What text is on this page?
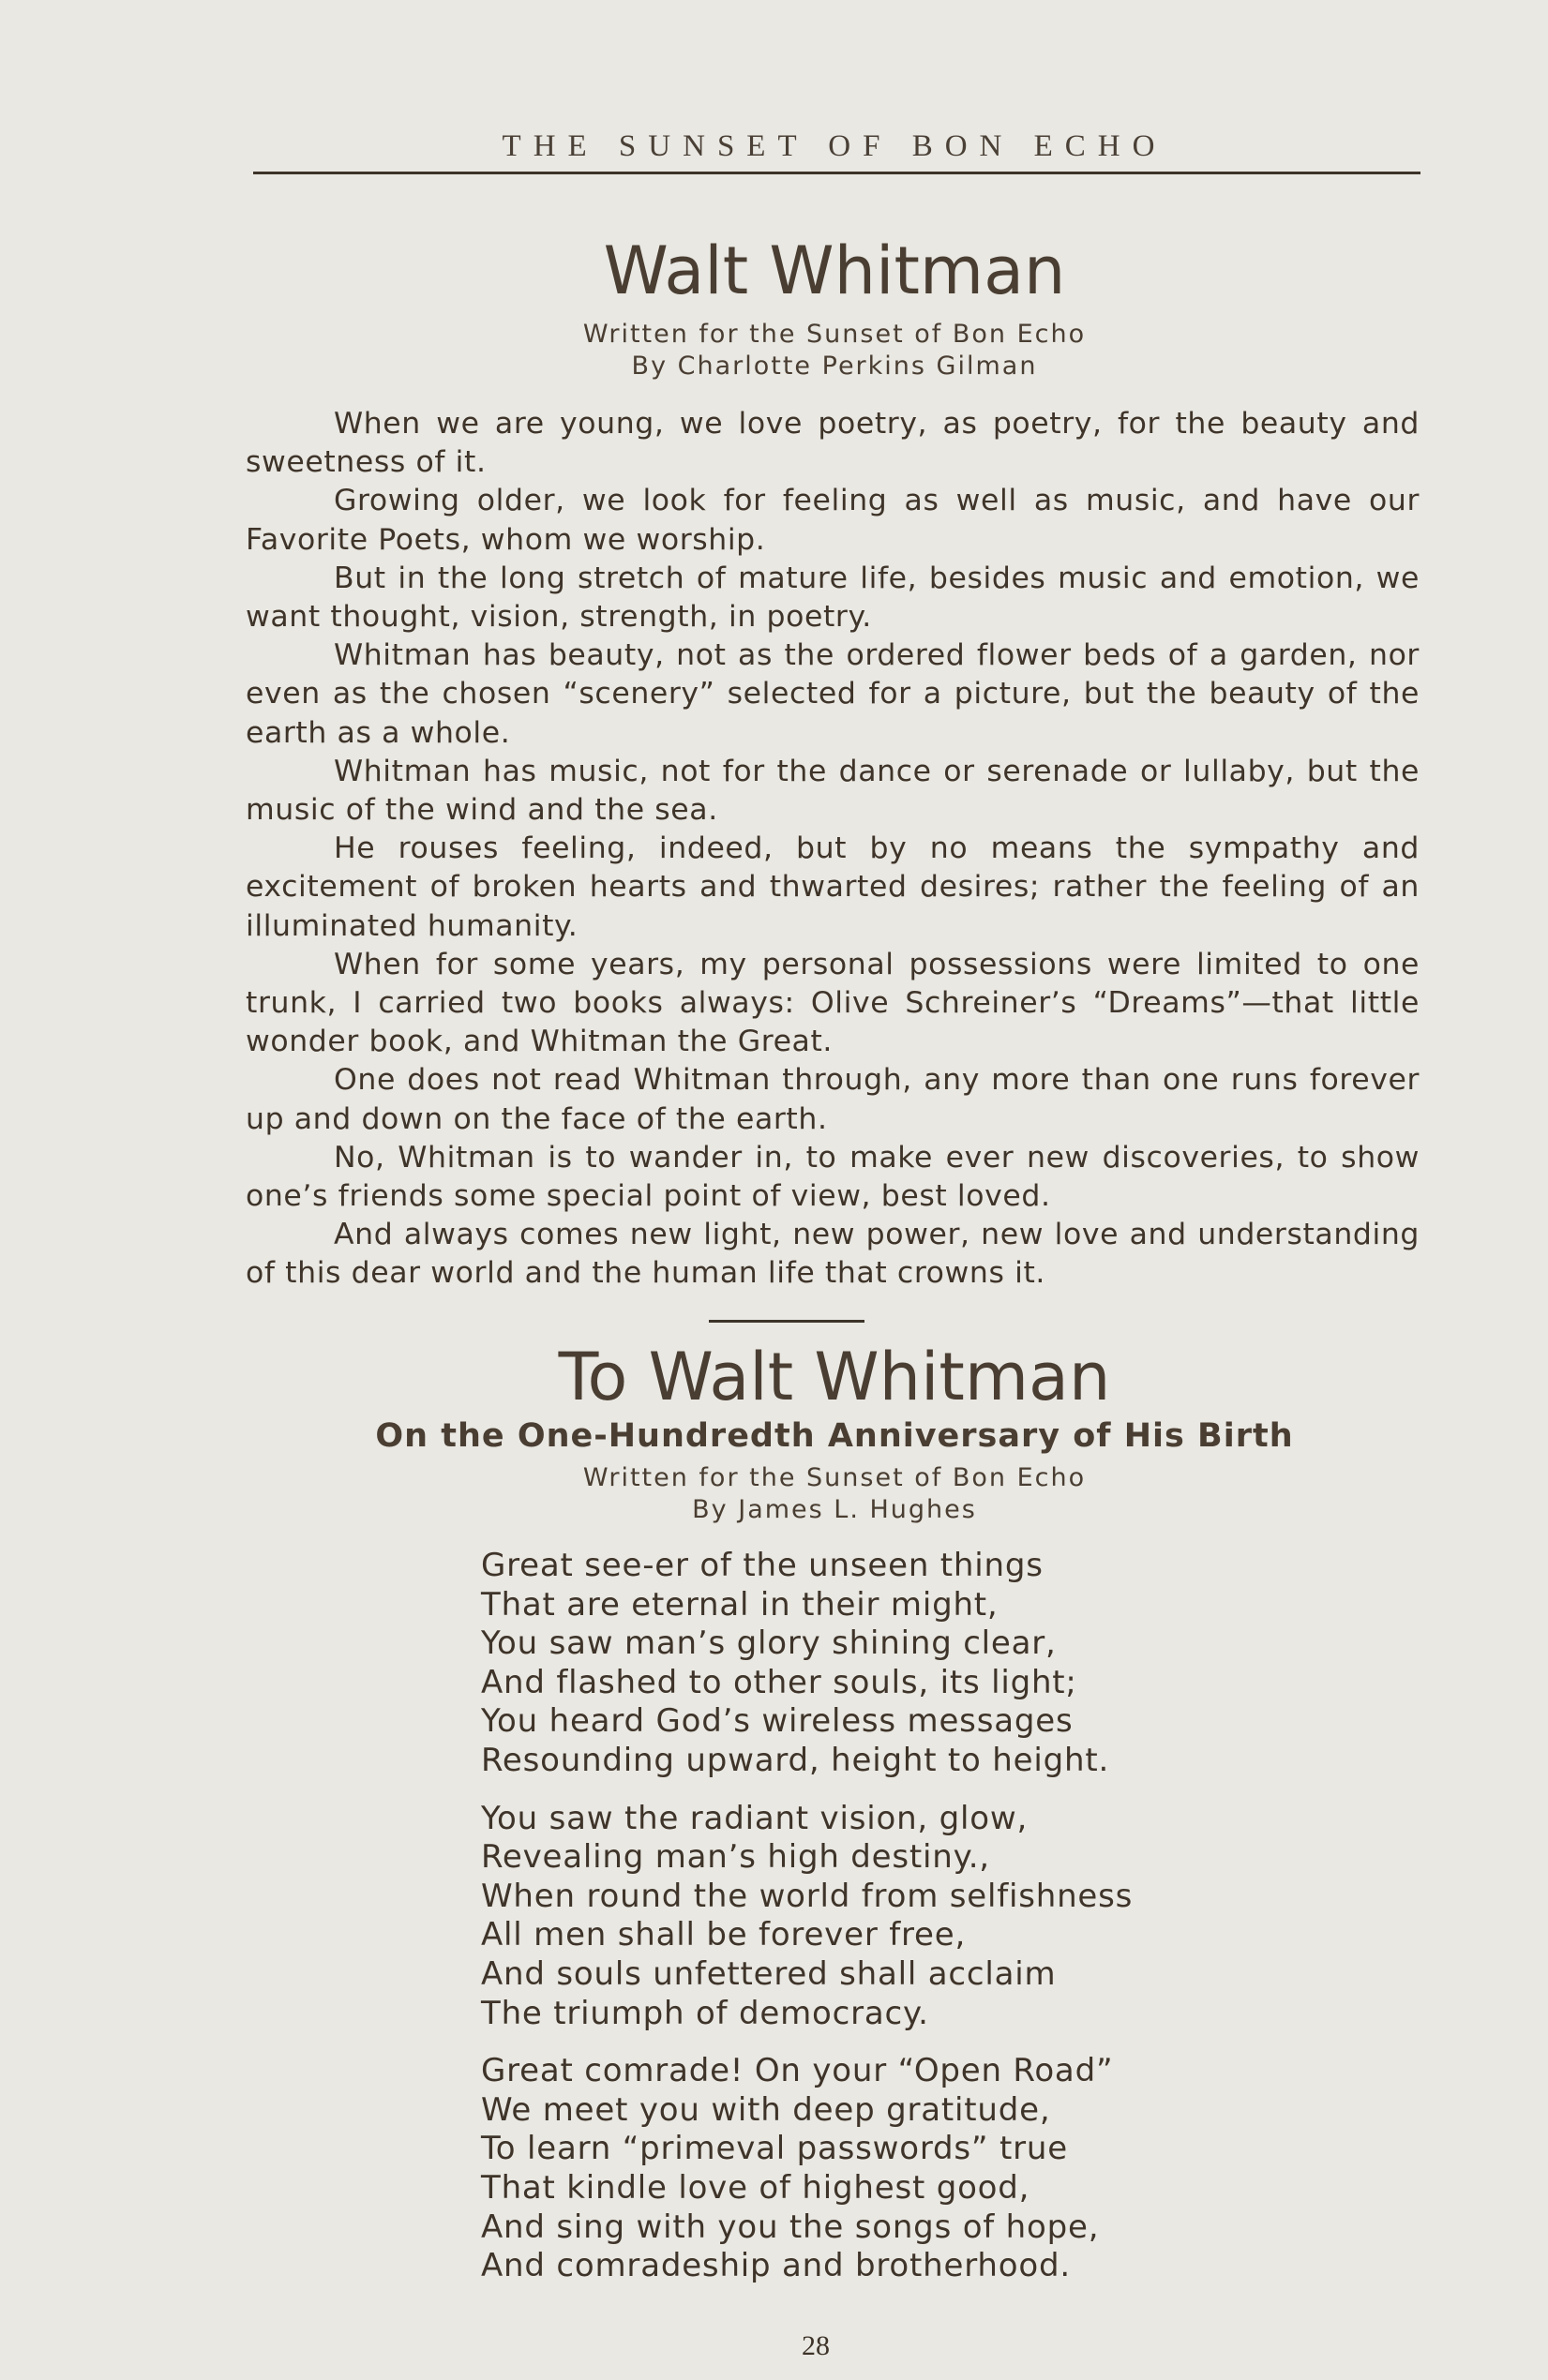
THE SUNSET OF BON ECHO
Walt Whitman
Written for the Sunset of Bon Echo
By Charlotte Perkins Gilman

When we are young, we love poetry, as poetry, for the beauty and sweetness of it.

Growing older, we look for feeling as well as music, and have our Favorite Poets, whom we worship.

But in the long stretch of mature life, besides music and emotion, we want thought, vision, strength, in poetry.

Whitman has beauty, not as the ordered flower beds of a garden, nor even as the chosen “scenery” selected for a picture, but the beauty of the earth as a whole.

Whitman has music, not for the dance or serenade or lullaby, but the music of the wind and the sea.

He rouses feeling, indeed, but by no means the sympathy and excitement of broken hearts and thwarted desires; rather the feeling of an illuminated humanity.

When for some years, my personal possessions were limited to one trunk, I carried two books always: Olive Schreiner’s “Dreams”—that little wonder book, and Whitman the Great.

One does not read Whitman through, any more than one runs forever up and down on the face of the earth.

No, Whitman is to wander in, to make ever new discoveries, to show one’s friends some special point of view, best loved.

And always comes new light, new power, new love and understanding of this dear world and the human life that crowns it.

To Walt Whitman
On the One-Hundredth Anniversary of His Birth
Written for the Sunset of Bon Echo
By James L. Hughes
Great see-er of the unseen things
That are eternal in their might,
You saw man’s glory shining clear,
And flashed to other souls, its light;
You heard God’s wireless messages
Resounding upward, height to height.
You saw the radiant vision, glow,
Revealing man’s high destiny.,
When round the world from selfishness
All men shall be forever free,
And souls unfettered shall acclaim
The triumph of democracy.
Great comrade! On your “Open Road”
We meet you with deep gratitude,
To learn “primeval passwords” true
That kindle love of highest good,
And sing with you the songs of hope,
And comradeship and brotherhood.
28
